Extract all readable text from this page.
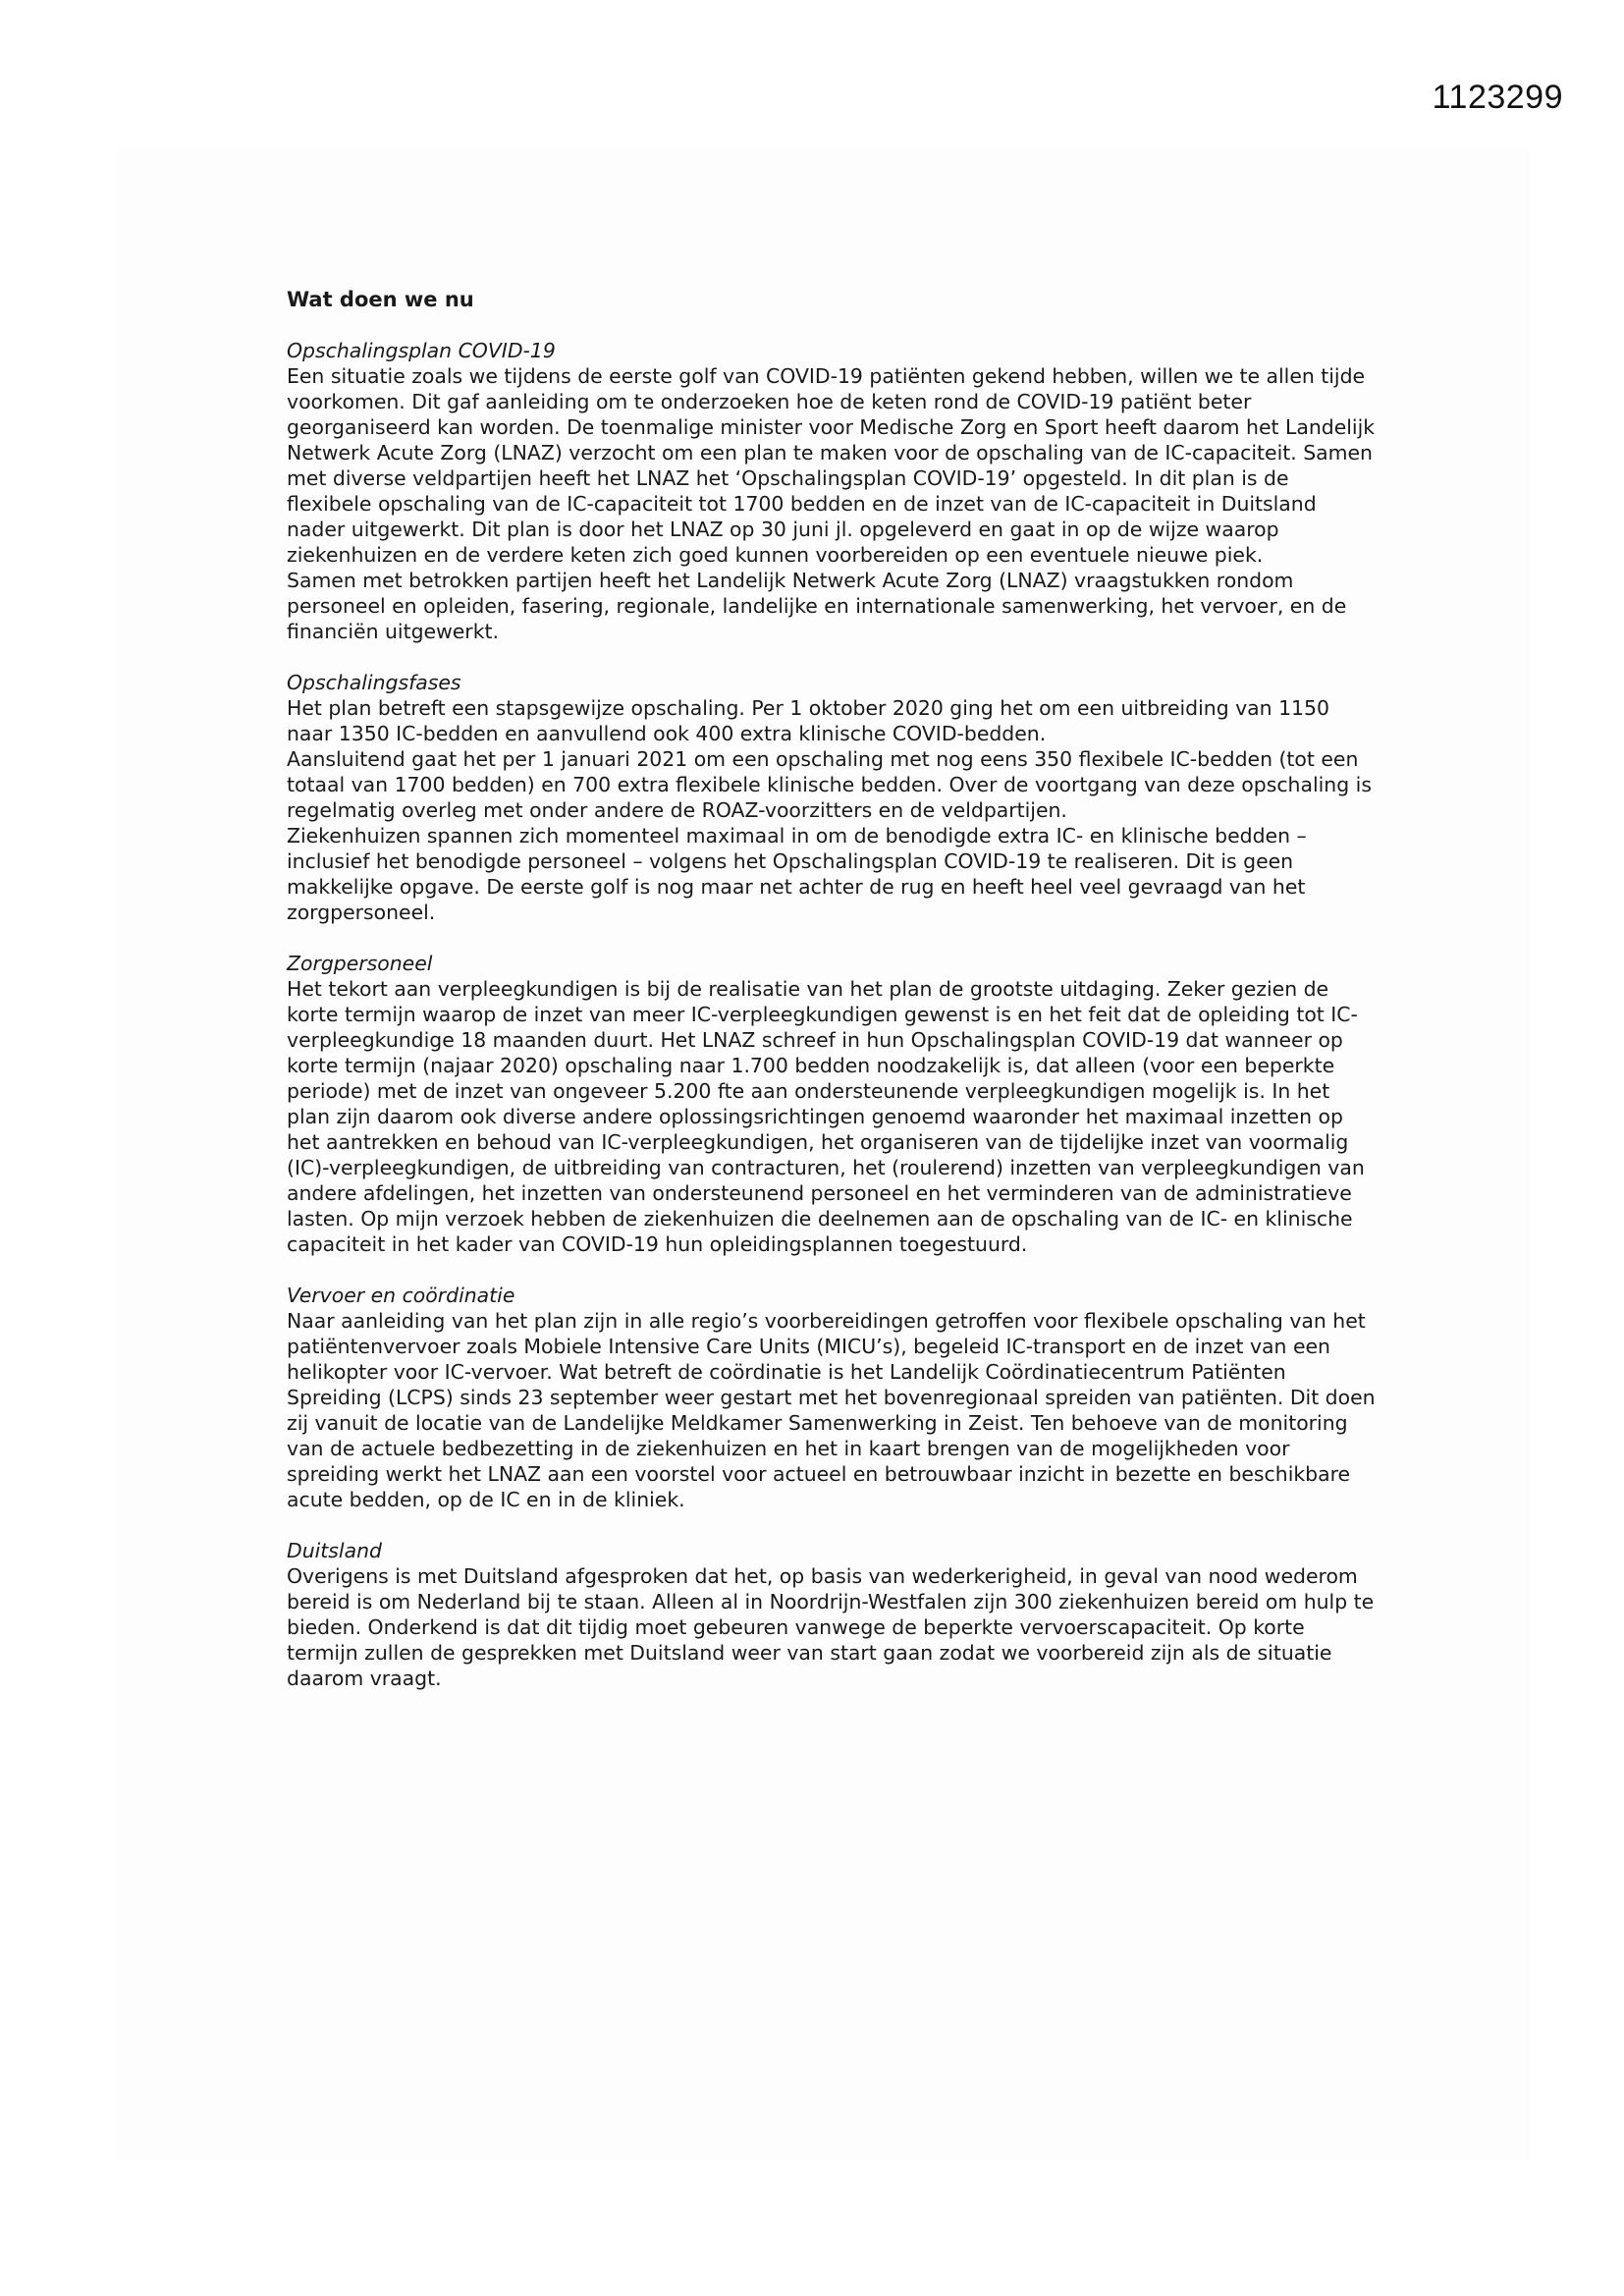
1123299
Wat doen we nu

Opschalingsplan COVID-19

Een situatie zoals we tijdens de eerste golf van COVID-19 patiënten gekend hebben, willen we te allen tijde voorkomen. Dit gaf aanleiding om te onderzoeken hoe de keten rond de COVID-19 patiënt beter georganiseerd kan worden. De toenmalige minister voor Medische Zorg en Sport heeft daarom het Landelijk Netwerk Acute Zorg (LNAZ) verzocht om een plan te maken voor de opschaling van de IC-capaciteit. Samen met diverse veldpartijen heeft het LNAZ het ‘Opschalingsplan COVID-19’ opgesteld. In dit plan is de flexibele opschaling van de IC-capaciteit tot 1700 bedden en de inzet van de IC-capaciteit in Duitsland nader uitgewerkt. Dit plan is door het LNAZ op 30 juni jl. opgeleverd en gaat in op de wijze waarop ziekenhuizen en de verdere keten zich goed kunnen voorbereiden op een eventuele nieuwe piek.

Samen met betrokken partijen heeft het Landelijk Netwerk Acute Zorg (LNAZ) vraagstukken rondom personeel en opleiden, fasering, regionale, landelijke en internationale samenwerking, het vervoer, en de financiën uitgewerkt.

Opschalingsfases

Het plan betreft een stapsgewijze opschaling. Per 1 oktober 2020 ging het om een uitbreiding van 1150 naar 1350 IC-bedden en aanvullend ook 400 extra klinische COVID-bedden.

Aansluitend gaat het per 1 januari 2021 om een opschaling met nog eens 350 flexibele IC-bedden (tot een totaal van 1700 bedden) en 700 extra flexibele klinische bedden. Over de voortgang van deze opschaling is regelmatig overleg met onder andere de ROAZ-voorzitters en de veldpartijen.

Ziekenhuizen spannen zich momenteel maximaal in om de benodigde extra IC- en klinische bedden – inclusief het benodigde personeel – volgens het Opschalingsplan COVID-19 te realiseren. Dit is geen makkelijke opgave. De eerste golf is nog maar net achter de rug en heeft heel veel gevraagd van het zorgpersoneel.

Zorgpersoneel

Het tekort aan verpleegkundigen is bij de realisatie van het plan de grootste uitdaging. Zeker gezien de korte termijn waarop de inzet van meer IC-verpleegkundigen gewenst is en het feit dat de opleiding tot IC-verpleegkundige 18 maanden duurt. Het LNAZ schreef in hun Opschalingsplan COVID-19 dat wanneer op korte termijn (najaar 2020) opschaling naar 1.700 bedden noodzakelijk is, dat alleen (voor een beperkte periode) met de inzet van ongeveer 5.200 fte aan ondersteunende verpleegkundigen mogelijk is. In het plan zijn daarom ook diverse andere oplossingsrichtingen genoemd waaronder het maximaal inzetten op het aantrekken en behoud van IC-verpleegkundigen, het organiseren van de tijdelijke inzet van voormalig (IC)-verpleegkundigen, de uitbreiding van contracturen, het (roulerend) inzetten van verpleegkundigen van andere afdelingen, het inzetten van ondersteunend personeel en het verminderen van de administratieve lasten. Op mijn verzoek hebben de ziekenhuizen die deelnemen aan de opschaling van de IC- en klinische capaciteit in het kader van COVID-19 hun opleidingsplannen toegestuurd.

Vervoer en coördinatie

Naar aanleiding van het plan zijn in alle regio’s voorbereidingen getroffen voor flexibele opschaling van het patiëntenvervoer zoals Mobiele Intensive Care Units (MICU’s), begeleid IC-transport en de inzet van een helikopter voor IC-vervoer. Wat betreft de coördinatie is het Landelijk Coördinatiecentrum Patiënten Spreiding (LCPS) sinds 23 september weer gestart met het bovenregionaal spreiden van patiënten. Dit doen zij vanuit de locatie van de Landelijke Meldkamer Samenwerking in Zeist. Ten behoeve van de monitoring van de actuele bedbezetting in de ziekenhuizen en het in kaart brengen van de mogelijkheden voor spreiding werkt het LNAZ aan een voorstel voor actueel en betrouwbaar inzicht in bezette en beschikbare acute bedden, op de IC en in de kliniek.

Duitsland

Overigens is met Duitsland afgesproken dat het, op basis van wederkerigheid, in geval van nood wederom bereid is om Nederland bij te staan. Alleen al in Noordrijn-Westfalen zijn 300 ziekenhuizen bereid om hulp te bieden. Onderkend is dat dit tijdig moet gebeuren vanwege de beperkte vervoerscapaciteit. Op korte termijn zullen de gesprekken met Duitsland weer van start gaan zodat we voorbereid zijn als de situatie daarom vraagt.
